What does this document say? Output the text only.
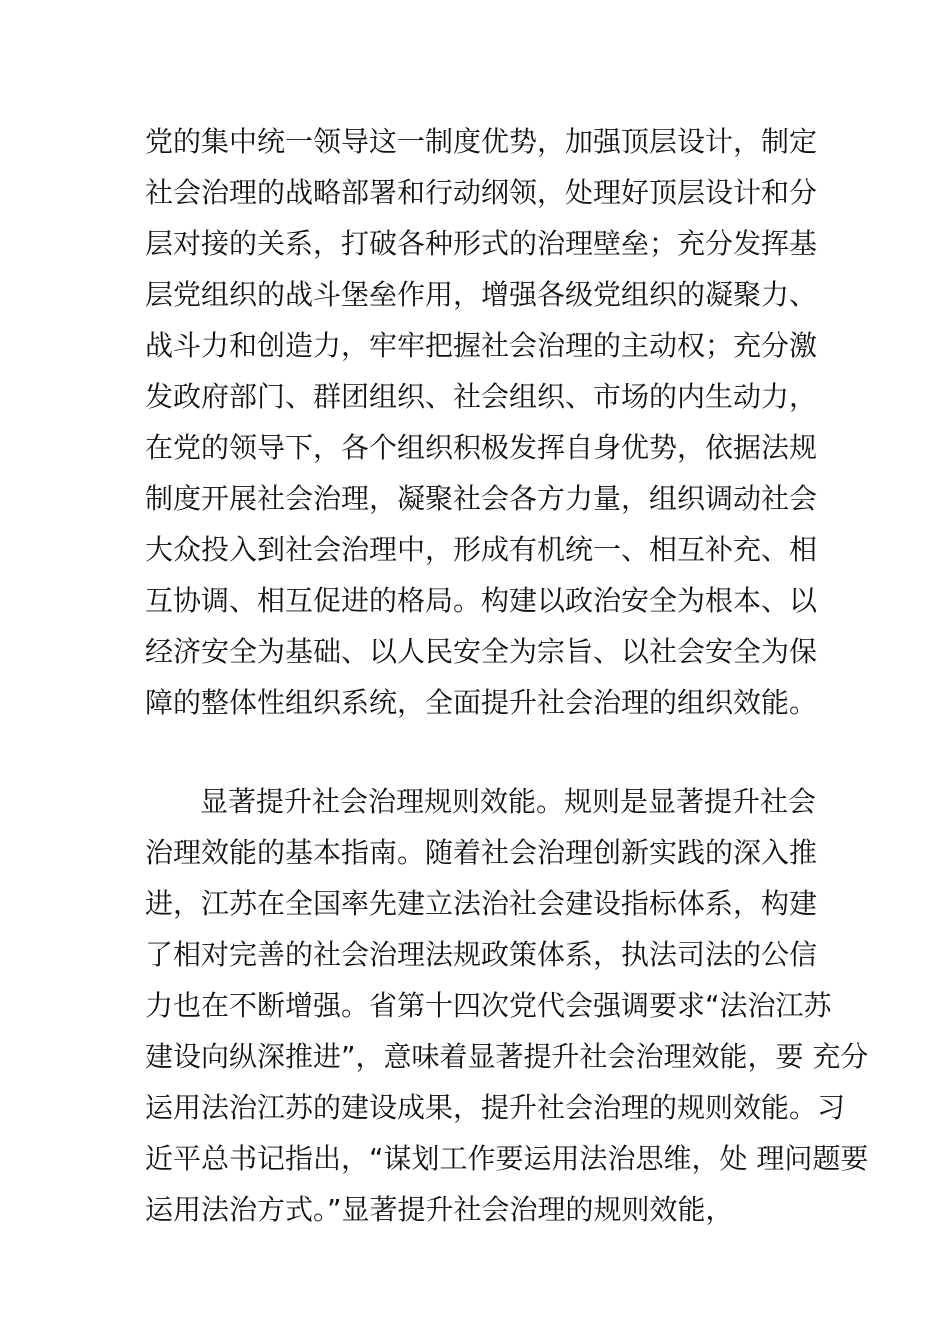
党的集中统一领导这一制度优势，加强顶层设计，制定

社会治理的战略部署和行动纲领，处理好顶层设计和分

层对接的关系，打破各种形式的治理壁垒；充分发挥基

层党组织的战斗堡垒作用，增强各级党组织的凝聚力、

战斗力和创造力，牢牢把握社会治理的主动权；充分激

发政府部门、群团组织、社会组织、市场的内生动力，

在党的领导下，各个组织积极发挥自身优势，依据法规

制度开展社会治理，凝聚社会各方力量，组织调动社会

大众投入到社会治理中，形成有机统一、相互补充、相

互协调、相互促进的格局。构建以政治安全为根本、以

经济安全为基础、以人民安全为宗旨、以社会安全为保

障的整体性组织系统，全面提升社会治理的组织效能。

显著提升社会治理规则效能。规则是显著提升社会

治理效能的基本指南。随着社会治理创新实践的深入推

进，江苏在全国率先建立法治社会建设指标体系，构建

了相对完善的社会治理法规政策体系，执法司法的公信

力也在不断增强。省第十四次党代会强调要求“法治江苏

建设向纵深推进”，意味着显著提升社会治理效能，要 充分

运用法治江苏的建设成果，提升社会治理的规则效能。习

近平总书记指出，“谋划工作要运用法治思维，处 理问题要

运用法治方式。”显著提升社会治理的规则效能，
